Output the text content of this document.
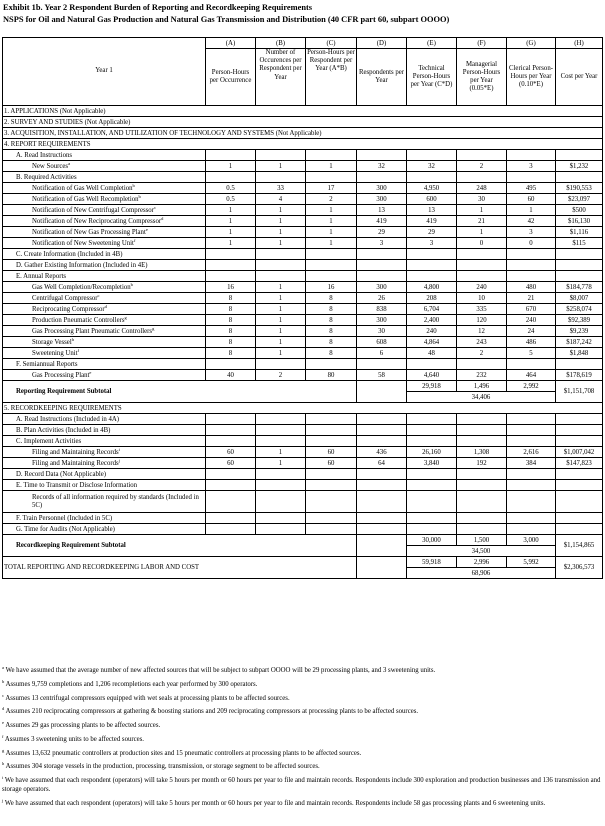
Exhibit 1b. Year 2 Respondent Burden of Reporting and Recordkeeping Requirements
NSPS for Oil and Natural Gas Production and Natural Gas Transmission and Distribution (40 CFR part 60, subpart OOOO)
Year 1	(A)	(B)	(C)	(D)	(E)	(F)	(G)	(H)
	Person-Hours per Occurrence	Number of Occurences per Respondent per Year	Person-Hours per Respondent per Year (A*B)	Respondents per Year	Technical Person-Hours per Year (C*D)	Managerial Person-Hours per Year (0.05*E)	Clerical Person-Hours per Year (0.10*E)	Cost per Year
1. APPLICATIONS (Not Applicable)								
2. SURVEY AND STUDIES (Not Applicable)								
3. ACQUISITION, INSTALLATION, AND UTILIZATION OF TECHNOLOGY AND SYSTEMS (Not Applicable)								
4. REPORT REQUIREMENTS								
A. Read Instructions								
New Sources$^a$	1	1	1	32	32	2	3	$1,232
B. Required Activities								
Notification of Gas Well Completion$^b$	0.5	33	17	300	4,950	248	495	$190,553
Notification of Gas Well Recompletion$^b$	0.5	4	2	300	600	30	60	$23,097
Notification of New Centrifugal Compressor$^c$	1	1	1	13	13	1	1	$500
Notification of New Reciprocating Compressor$^d$	1	1	1	419	419	21	42	$16,130
Notification of New Gas Processing Plant$^e$	1	1	1	29	29	1	3	$1,116
Notification of New Sweetening Unit$^f$	1	1	1	3	3	0	0	$115
C. Create Information (Included in 4B)								
D. Gather Existing Information (Included in 4E)								
E. Annual Reports								
Gas Well Completion/Recompletion$^b$	16	1	16	300	4,800	240	480	$184,778
Centrifugal Compressor$^c$	8	1	8	26	208	10	21	$8,007
Reciprocating Compressor$^d$	8	1	8	838	6,704	335	670	$258,074
Production Pneumatic Controllers$^g$	8	1	8	300	2,400	120	240	$92,389
Gas Processing Plant Pneumatic Controllers$^g$	8	1	8	30	240	12	24	$9,239
Storage Vessel$^h$	8	1	8	608	4,864	243	486	$187,242
Sweetening Unit$^f$	8	1	8	6	48	2	5	$1,848
F. Semiannual Reports								
Gas Processing Plant$^e$	40	2	80	58	4,640	232	464	$178,619
Reporting Requirement Subtotal					29,918	1,496	2,992	$1,151,708
					34,406			
5. RECORDKEEPING REQUIREMENTS								
A. Read Instructions (Included in 4A)								
B. Plan Activities (Included in 4B)								
C. Implement Activities								
Filing and Maintaining Records$^i$	60	1	60	436	26,160	1,308	2,616	$1,007,042
Filing and Maintaining Records$^j$	60	1	60	64	3,840	192	384	$147,823
D. Record Data (Not Applicable)								
E. Time to Transmit or Disclose Information								
Records of all information required by standards (Included in 5C)								
F. Train Personnel (Included in 5C)								
G. Time for Audits (Not Applicable)								
Recordkeeping Requirement Subtotal					30,000	1,500	3,000	$1,154,865
					34,500			
TOTAL REPORTING AND RECORDKEEPING LABOR AND COST					59,918	2,996	5,992	$2,306,573
					68,906			

$^a$ We have assumed that the average number of new affected sources that will be subject to subpart OOOO will be 29 processing plants, and 3 sweetening units.

$^b$ Assumes 9,759 completions and 1,206 recompletions each year performed by 300 operators.

$^c$ Assumes 13 centrifugal compressors equipped with wet seals at processing plants to be affected sources.

$^d$ Assumes 210 reciprocating compressors at gathering & boosting stations and 209 reciprocating compressors at processing plants to be affected sources.

$^e$ Assumes 29 gas processing plants to be affected sources.

$^f$ Assumes 3 sweetening units to be affected sources.

$^g$ Assumes 13,632 pneumatic controllers at production sites and 15 pneumatic controllers at processing plants to be affected sources.

$^h$ Assumes 304 storage vessels in the production, processing, transmission, or storage segment to be affected sources.

$^i$ We have assumed that each respondent (operators) will take 5 hours per month or 60 hours per year to file and maintain records. Respondents include 300 exploration and production businesses and 136 transmission and storage operators.

$^j$ We have assumed that each respondent (operators) will take 5 hours per month or 60 hours per year to file and maintain records. Respondents include 58 gas processing plants and 6 sweetening units.
